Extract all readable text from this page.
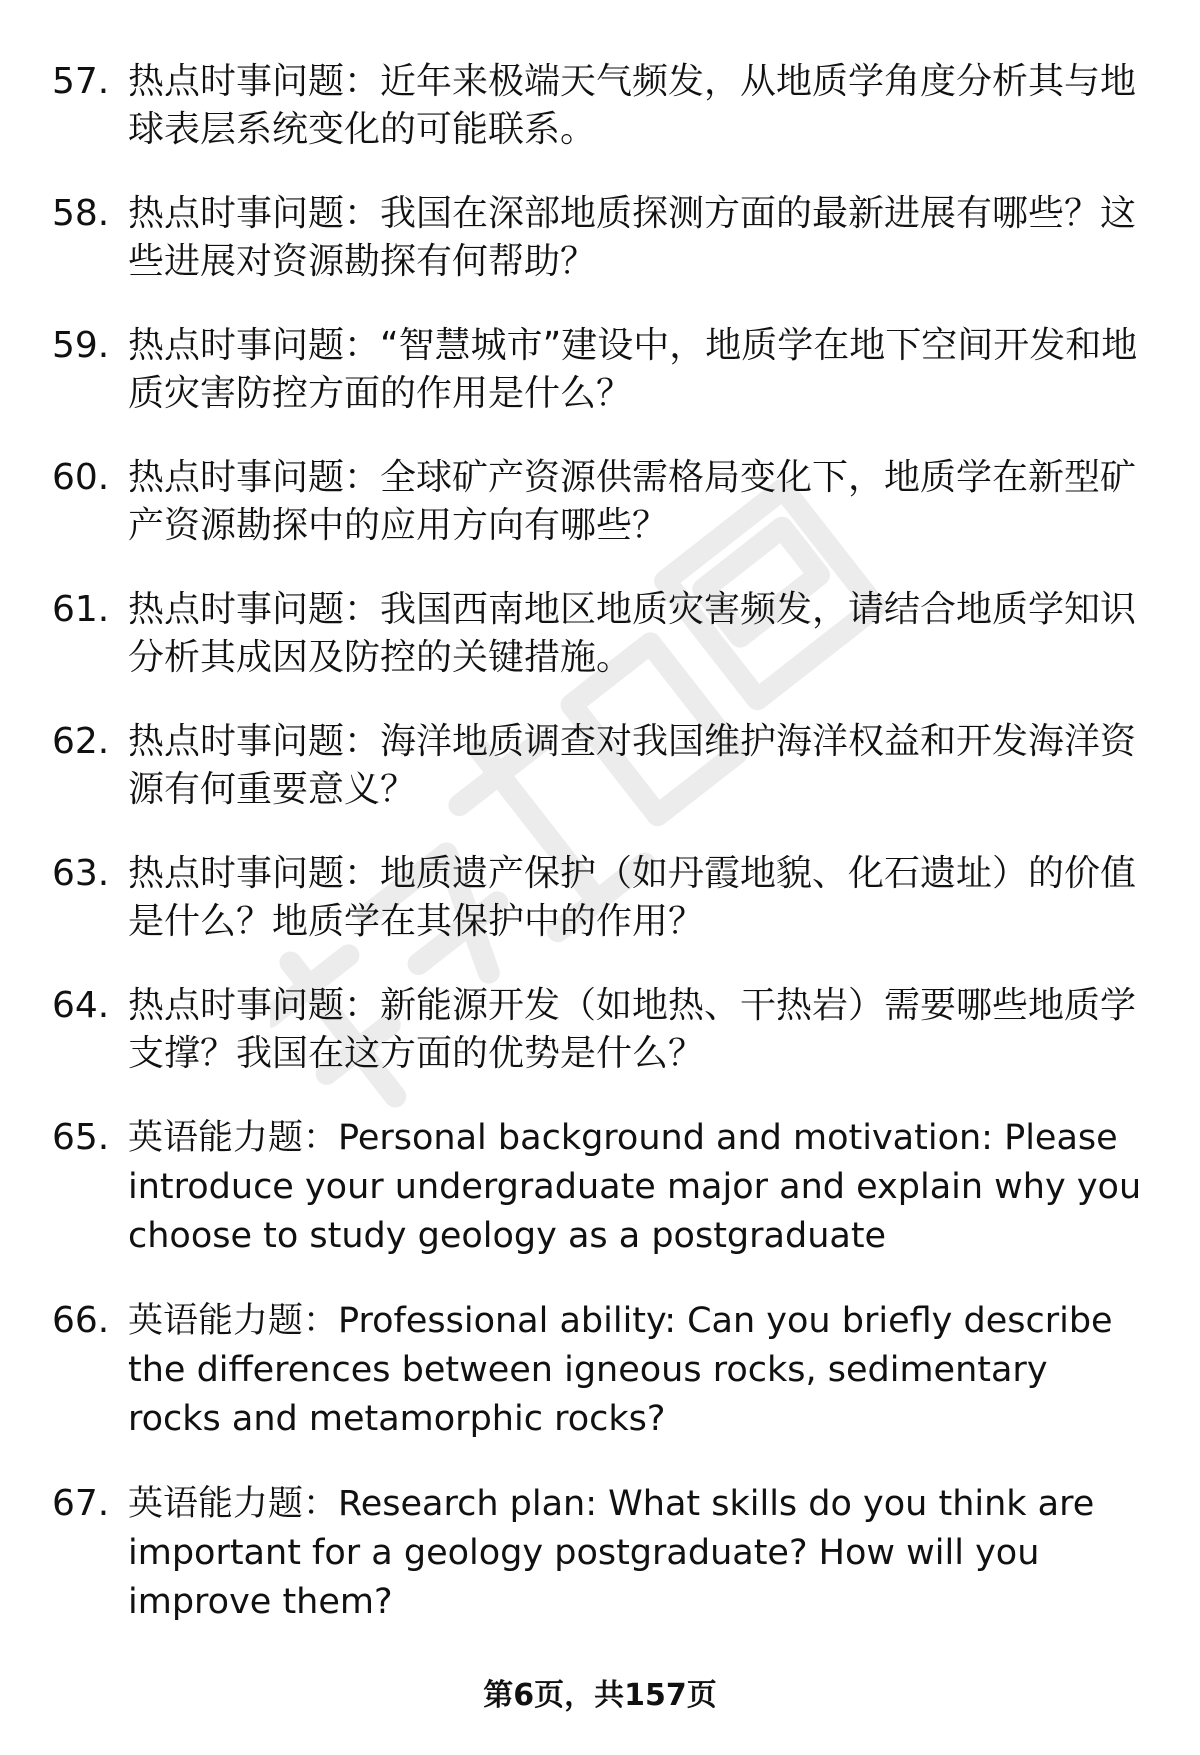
57. 热点时事问题：近年来极端天气频发，从地质学角度分析其与地球表层系统变化的可能联系。
58. 热点时事问题：我国在深部地质探测方面的最新进展有哪些？这些进展对资源勘探有何帮助？
59. 热点时事问题：“智慧城市”建设中，地质学在地下空间开发和地质灾害防控方面的作用是什么？
60. 热点时事问题：全球矿产资源供需格局变化下，地质学在新型矿产资源勘探中的应用方向有哪些？
61. 热点时事问题：我国西南地区地质灾害频发，请结合地质学知识分析其成因及防控的关键措施。
62. 热点时事问题：海洋地质调查对我国维护海洋权益和开发海洋资源有何重要意义？
63. 热点时事问题：地质遗产保护（如丹霞地貌、化石遗址）的价值是什么？地质学在其保护中的作用？
64. 热点时事问题：新能源开发（如地热、干热岩）需要哪些地质学支撑？我国在这方面的优势是什么？
65. 英语能力题：Personal background and motivation: Please introduce your undergraduate major and explain why you choose to study geology as a postgraduate
66. 英语能力题：Professional ability: Can you briefly describe the differences between igneous rocks, sedimentary rocks and metamorphic rocks?
67. 英语能力题：Research plan: What skills do you think are important for a geology postgraduate? How will you improve them?
第6页，共157页
